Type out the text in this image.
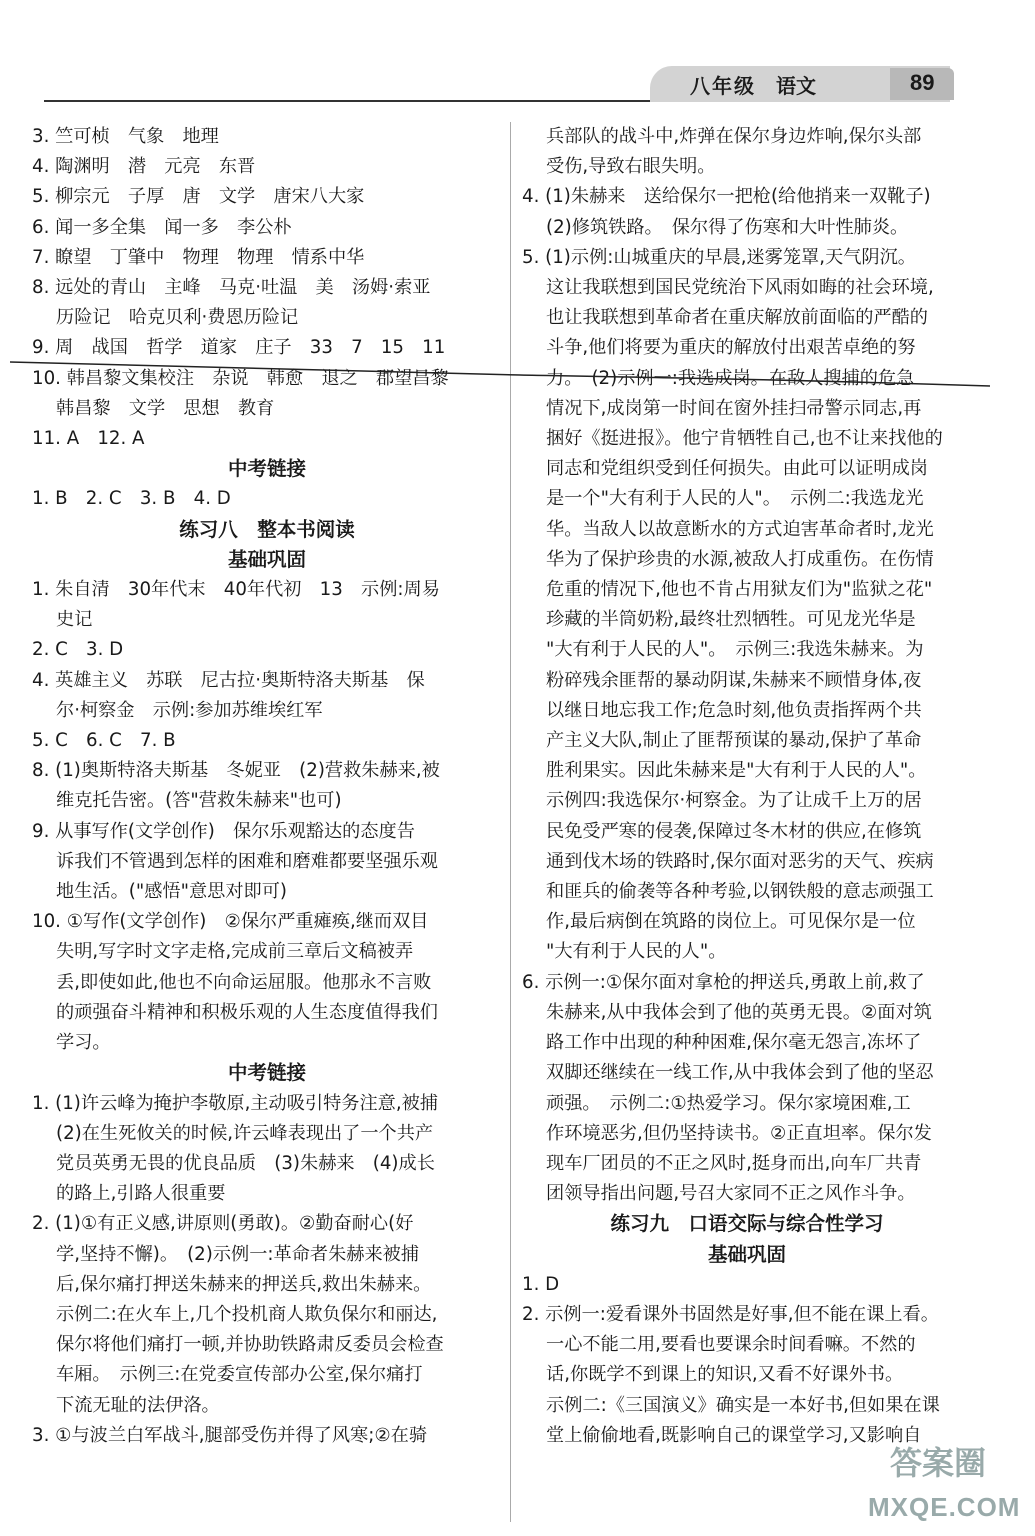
八年级 语文	89
3. 竺可桢　气象　地理
4. 陶渊明　潜　元亮　东晋
5. 柳宗元　子厚　唐　文学　唐宋八大家
6. 闻一多全集　闻一多　李公朴
7. 瞭望　丁肇中　物理　物理　情系中华
8. 远处的青山　主峰　马克·吐温　美　汤姆·索亚
历险记　哈克贝利·费恩历险记
9. 周　战国　哲学　道家　庄子　33　7　15　11
10. 韩昌黎文集校注　杂说　韩愈　退之　郡望昌黎
韩昌黎　文学　思想　教育
11. A　12. A
中考链接
1. B　2. C　3. B　4. D
练习八　整本书阅读
基础巩固
1. 朱自清　30年代末　40年代初　13　示例:周易
史记
2. C　3. D
4. 英雄主义　苏联　尼古拉·奥斯特洛夫斯基　保
尔·柯察金　示例:参加苏维埃红军
5. C　6. C　7. B
8. (1)奥斯特洛夫斯基　冬妮亚　(2)营救朱赫来,被
维克托告密。(答"营救朱赫来"也可)
9. 从事写作(文学创作)　保尔乐观豁达的态度告
诉我们不管遇到怎样的困难和磨难都要坚强乐观
地生活。("感悟"意思对即可)
10. ①写作(文学创作)　②保尔严重瘫痪,继而双目
失明,写字时文字走格,完成前三章后文稿被弄
丢,即使如此,他也不向命运屈服。他那永不言败
的顽强奋斗精神和积极乐观的人生态度值得我们
学习。
中考链接
1. (1)许云峰为掩护李敬原,主动吸引特务注意,被捕
(2)在生死攸关的时候,许云峰表现出了一个共产
党员英勇无畏的优良品质　(3)朱赫来　(4)成长
的路上,引路人很重要
2. (1)①有正义感,讲原则(勇敢)。②勤奋耐心(好
学,坚持不懈)。　(2)示例一:革命者朱赫来被捕
后,保尔痛打押送朱赫来的押送兵,救出朱赫来。
示例二:在火车上,几个投机商人欺负保尔和丽达,
保尔将他们痛打一顿,并协助铁路肃反委员会检查
车厢。　示例三:在党委宣传部办公室,保尔痛打
下流无耻的法伊洛。
3. ①与波兰白军战斗,腿部受伤并得了风寒;②在骑
兵部队的战斗中,炸弹在保尔身边炸响,保尔头部
受伤,导致右眼失明。
4. (1)朱赫来　送给保尔一把枪(给他捎来一双靴子)
(2)修筑铁路。　保尔得了伤寒和大叶性肺炎。
5. (1)示例:山城重庆的早晨,迷雾笼罩,天气阴沉。
这让我联想到国民党统治下风雨如晦的社会环境,
也让我联想到革命者在重庆解放前面临的严酷的
斗争,他们将要为重庆的解放付出艰苦卓绝的努
力。　(2)示例一:我选成岗。在敌人搜捕的危急
情况下,成岗第一时间在窗外挂扫帚警示同志,再
捆好《挺进报》。他宁肯牺牲自己,也不让来找他的
同志和党组织受到任何损失。由此可以证明成岗
是一个"大有利于人民的人"。　示例二:我选龙光
华。当敌人以故意断水的方式迫害革命者时,龙光
华为了保护珍贵的水源,被敌人打成重伤。在伤情
危重的情况下,他也不肯占用狱友们为"监狱之花"
珍藏的半筒奶粉,最终壮烈牺牲。可见龙光华是
"大有利于人民的人"。　示例三:我选朱赫来。为
粉碎残余匪帮的暴动阴谋,朱赫来不顾惜身体,夜
以继日地忘我工作;危急时刻,他负责指挥两个共
产主义大队,制止了匪帮预谋的暴动,保护了革命
胜利果实。因此朱赫来是"大有利于人民的人"。
示例四:我选保尔·柯察金。为了让成千上万的居
民免受严寒的侵袭,保障过冬木材的供应,在修筑
通到伐木场的铁路时,保尔面对恶劣的天气、疾病
和匪兵的偷袭等各种考验,以钢铁般的意志顽强工
作,最后病倒在筑路的岗位上。可见保尔是一位
"大有利于人民的人"。
6. 示例一:①保尔面对拿枪的押送兵,勇敢上前,救了
朱赫来,从中我体会到了他的英勇无畏。②面对筑
路工作中出现的种种困难,保尔毫无怨言,冻坏了
双脚还继续在一线工作,从中我体会到了他的坚忍
顽强。　示例二:①热爱学习。保尔家境困难,工
作环境恶劣,但仍坚持读书。②正直坦率。保尔发
现车厂团员的不正之风时,挺身而出,向车厂共青
团领导指出问题,号召大家同不正之风作斗争。
练习九　口语交际与综合性学习
基础巩固
1. D
2. 示例一:爱看课外书固然是好事,但不能在课上看。
一心不能二用,要看也要课余时间看嘛。不然的
话,你既学不到课上的知识,又看不好课外书。
示例二:《三国演义》确实是一本好书,但如果在课
堂上偷偷地看,既影响自己的课堂学习,又影响自
答案圈
MXQE.COM
